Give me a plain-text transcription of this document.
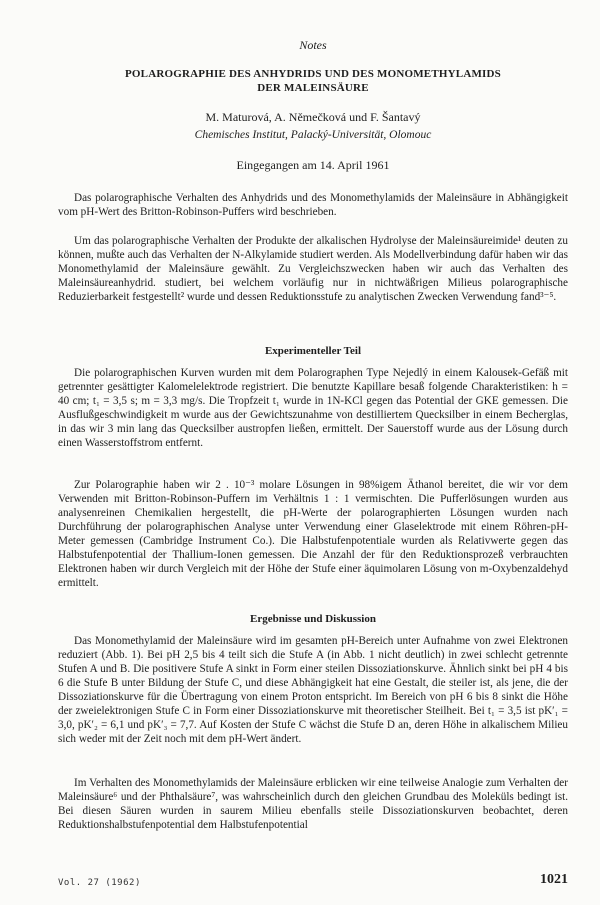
Notes
POLAROGRAPHIE DES ANHYDRIDS UND DES MONOMETHYLAMIDS
DER MALEINSÄURE
M. Maturová, A. Němečková und F. Šantavý
Chemisches Institut, Palacký-Universität, Olomouc
Eingegangen am 14. April 1961

Das polarographische Verhalten des Anhydrids und des Monomethylamids der Maleinsäure in Abhängigkeit vom pH-Wert des Britton-Robinson-Puffers wird beschrieben.

Um das polarographische Verhalten der Produkte der alkalischen Hydrolyse der Maleinsäureimide¹ deuten zu können, mußte auch das Verhalten der N-Alkylamide studiert werden. Als Modellverbindung dafür haben wir das Monomethylamid der Maleinsäure gewählt. Zu Vergleichszwecken haben wir auch das Verhalten des Maleinsäureanhydrid. studiert, bei welchem vorläufig nur in nichtwäßrigen Milieus polarographische Reduzierbarkeit festgestellt² wurde und dessen Reduktionsstufe zu analytischen Zwecken Verwendung fand³⁻⁵.

Experimenteller Teil

Die polarographischen Kurven wurden mit dem Polarographen Type Nejedlý in einem Kalousek-Gefäß mit getrennter gesättigter Kalomelelektrode registriert. Die benutzte Kapillare besaß folgende Charakteristiken: h = 40 cm; t₁ = 3,5 s; m = 3,3 mg/s. Die Tropfzeit t₁ wurde in 1N-KCl gegen das Potential der GKE gemessen. Die Ausflußgeschwindigkeit m wurde aus der Gewichtszunahme von destilliertem Quecksilber in einem Becherglas, in das wir 3 min lang das Quecksilber austropfen ließen, ermittelt. Der Sauerstoff wurde aus der Lösung durch einen Wasserstoffstrom entfernt.

Zur Polarographie haben wir 2 . 10⁻³ molare Lösungen in 98%igem Äthanol bereitet, die wir vor dem Verwenden mit Britton-Robinson-Puffern im Verhältnis 1 : 1 vermischten. Die Pufferlösungen wurden aus analysenreinen Chemikalien hergestellt, die pH-Werte der polarographierten Lösungen wurden nach Durchführung der polarographischen Analyse unter Verwendung einer Glaselektrode mit einem Röhren-pH-Meter gemessen (Cambridge Instrument Co.). Die Halbstufenpotentiale wurden als Relativwerte gegen das Halbstufenpotential der Thallium-Ionen gemessen. Die Anzahl der für den Reduktionsprozeß verbrauchten Elektronen haben wir durch Vergleich mit der Höhe der Stufe einer äquimolaren Lösung von m-Oxybenzaldehyd ermittelt.

Ergebnisse und Diskussion

Das Monomethylamid der Maleinsäure wird im gesamten pH-Bereich unter Aufnahme von zwei Elektronen reduziert (Abb. 1). Bei pH 2,5 bis 4 teilt sich die Stufe A (in Abb. 1 nicht deutlich) in zwei schlecht getrennte Stufen A und B. Die positivere Stufe A sinkt in Form einer steilen Dissoziationskurve. Ähnlich sinkt bei pH 4 bis 6 die Stufe B unter Bildung der Stufe C, und diese Abhängigkeit hat eine Gestalt, die steiler ist, als jene, die der Dissoziationskurve für die Übertragung von einem Proton entspricht. Im Bereich von pH 6 bis 8 sinkt die Höhe der zweielektronigen Stufe C in Form einer Dissoziationskurve mit theoretischer Steilheit. Bei t₁ = 3,5 ist pK′₁ = 3,0, pK′₂ = 6,1 und pK′₃ = 7,7. Auf Kosten der Stufe C wächst die Stufe D an, deren Höhe in alkalischem Milieu sich weder mit der Zeit noch mit dem pH-Wert ändert.

Im Verhalten des Monomethylamids der Maleinsäure erblicken wir eine teilweise Analogie zum Verhalten der Maleinsäure⁶ und der Phthalsäure⁷, was wahrscheinlich durch den gleichen Grundbau des Moleküls bedingt ist. Bei diesen Säuren wurden in saurem Milieu ebenfalls steile Dissoziationskurven beobachtet, deren Reduktionshalbstufenpotential dem Halbstufenpotential

Vol. 27 (1962)	1021
